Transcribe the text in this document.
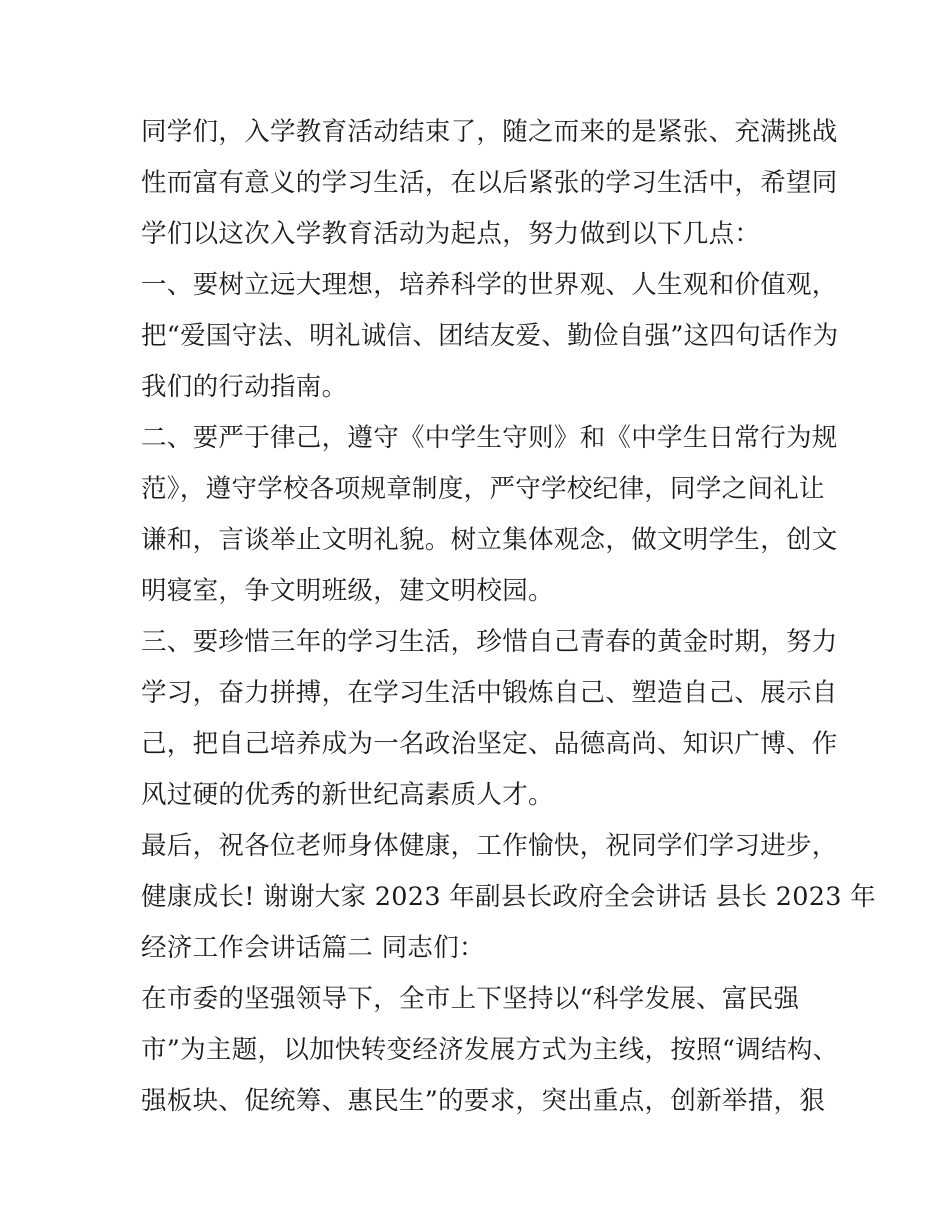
同学们，入学教育活动结束了，随之而来的是紧张、充满挑战
性而富有意义的学习生活，在以后紧张的学习生活中，希望同
学们以这次入学教育活动为起点，努力做到以下几点：
一、要树立远大理想，培养科学的世界观、人生观和价值观，
把“爱国守法、明礼诚信、团结友爱、勤俭自强”这四句话作为
我们的行动指南。
二、要严于律己，遵守《中学生守则》和《中学生日常行为规
范》，遵守学校各项规章制度，严守学校纪律，同学之间礼让
谦和，言谈举止文明礼貌。树立集体观念，做文明学生，创文
明寝室，争文明班级，建文明校园。
三、要珍惜三年的学习生活，珍惜自己青春的黄金时期，努力
学习，奋力拼搏，在学习生活中锻炼自己、塑造自己、展示自
己，把自己培养成为一名政治坚定、品德高尚、知识广博、作
风过硬的优秀的新世纪高素质人才。
最后，祝各位老师身体健康，工作愉快，祝同学们学习进步，
健康成长! 谢谢大家 2023 年副县长政府全会讲话 县长 2023 年
经济工作会讲话篇二 同志们：
在市委的坚强领导下，全市上下坚持以“科学发展、富民强
市”为主题，以加快转变经济发展方式为主线，按照“调结构、
强板块、促统筹、惠民生”的要求，突出重点，创新举措，狠
